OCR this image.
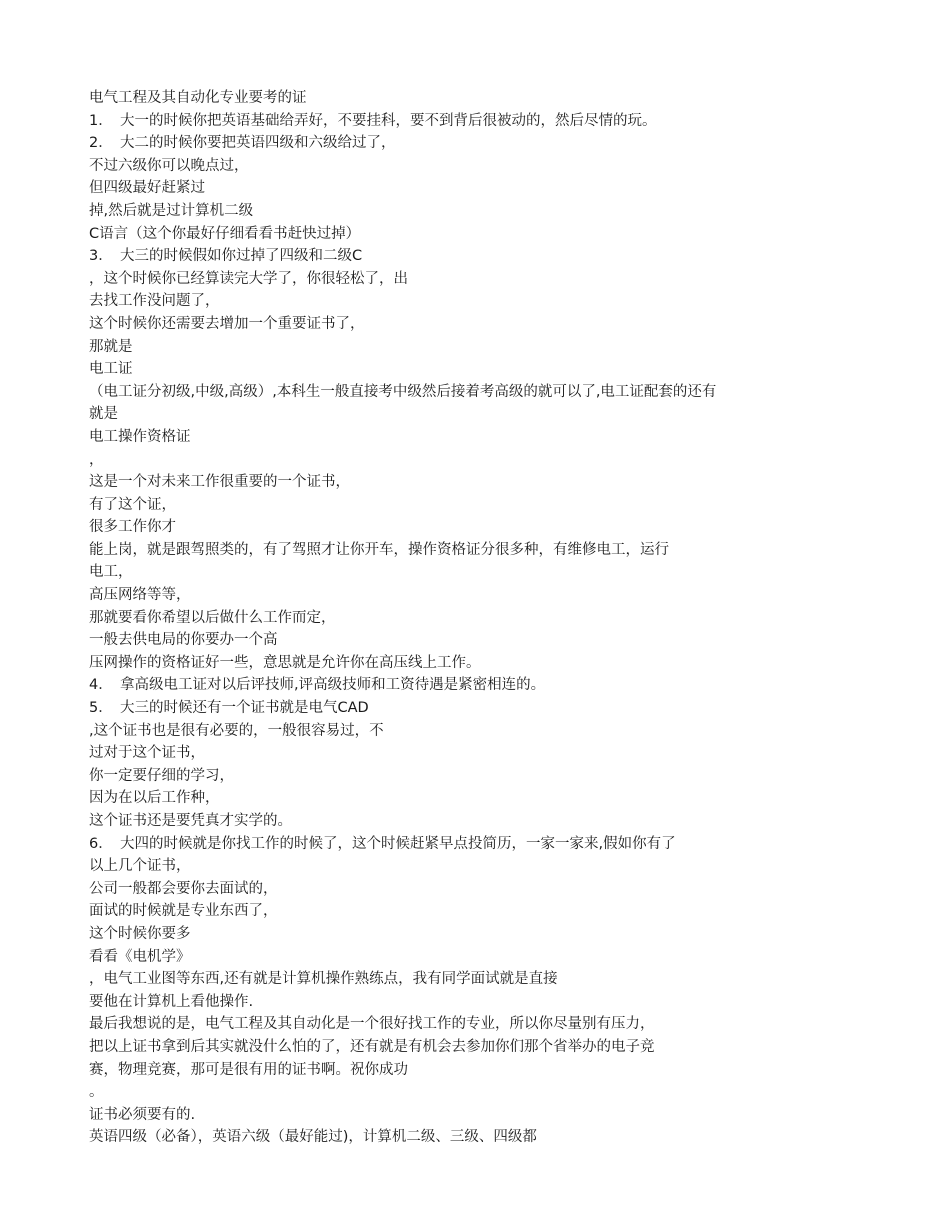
电气工程及其自动化专业要考的证
1．　大一的时候你把英语基础给弄好，不要挂科，要不到背后很被动的，然后尽情的玩。
2．　大二的时候你要把英语四级和六级给过了，
不过六级你可以晚点过，
但四级最好赶紧过
掉,然后就是过计算机二级
C语言（这个你最好仔细看看书赶快过掉）
3．　大三的时候假如你过掉了四级和二级C
，这个时候你已经算读完大学了，你很轻松了，出
去找工作没问题了，
这个时候你还需要去增加一个重要证书了，
那就是
电工证
（电工证分初级,中级,高级）,本科生一般直接考中级然后接着考高级的就可以了,电工证配套的还有
就是
电工操作资格证
，
这是一个对未来工作很重要的一个证书，
有了这个证，
很多工作你才
能上岗，就是跟驾照类的，有了驾照才让你开车，操作资格证分很多种，有维修电工，运行
电工，
高压网络等等，
那就要看你希望以后做什么工作而定，
一般去供电局的你要办一个高
压网操作的资格证好一些，意思就是允许你在高压线上工作。
4．　拿高级电工证对以后评技师,评高级技师和工资待遇是紧密相连的。
5．　大三的时候还有一个证书就是电气CAD
,这个证书也是很有必要的，一般很容易过，不
过对于这个证书，
你一定要仔细的学习，
因为在以后工作种，
这个证书还是要凭真才实学的。
6．　大四的时候就是你找工作的时候了，这个时候赶紧早点投简历，一家一家来,假如你有了
以上几个证书，
公司一般都会要你去面试的，
面试的时候就是专业东西了，
这个时候你要多
看看《电机学》
，电气工业图等东西,还有就是计算机操作熟练点，我有同学面试就是直接
要他在计算机上看他操作.
最后我想说的是，电气工程及其自动化是一个很好找工作的专业，所以你尽量别有压力，
把以上证书拿到后其实就没什么怕的了，还有就是有机会去参加你们那个省举办的电子竞
赛，物理竞赛，那可是很有用的证书啊。祝你成功
。
证书必须要有的.
英语四级（必备），英语六级（最好能过)，计算机二级、三级、四级都
